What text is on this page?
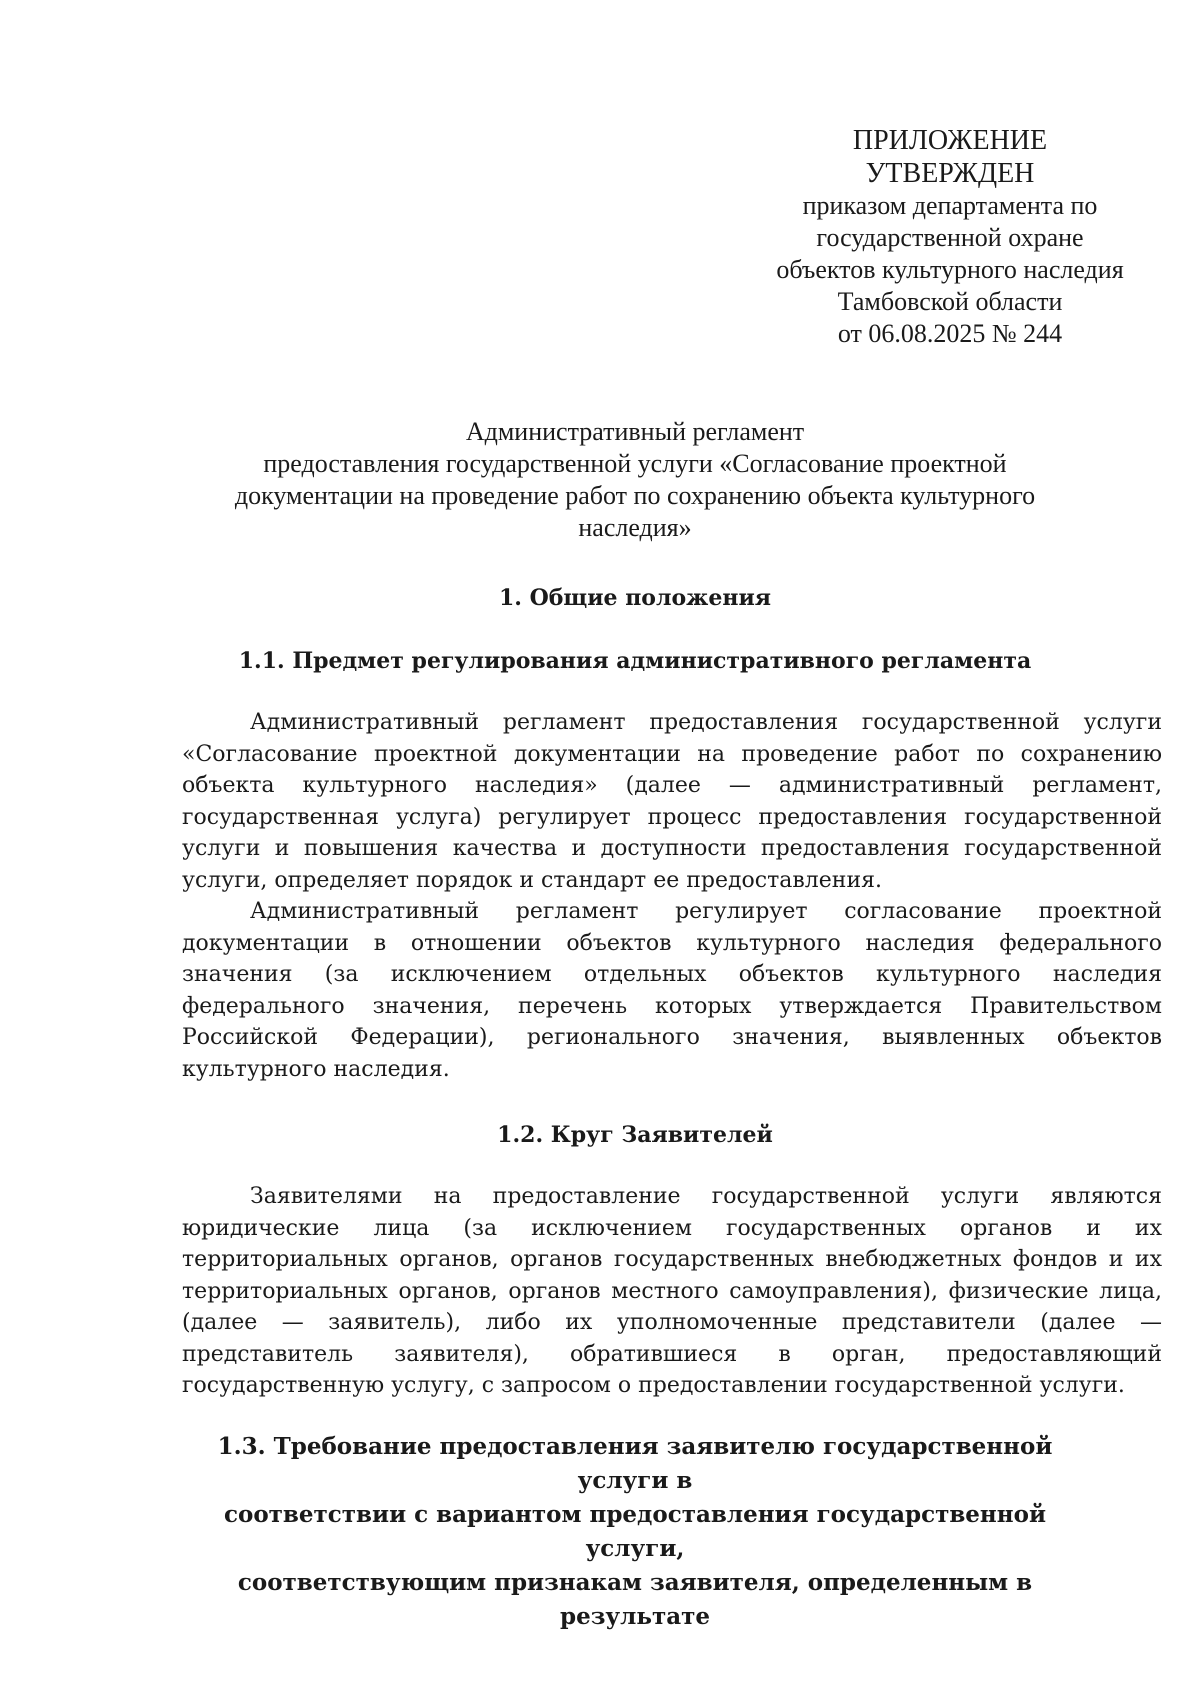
ПРИЛОЖЕНИЕ
УТВЕРЖДЕН
приказом департамента по
государственной охране
объектов культурного наследия
Тамбовской области
от 06.08.2025 № 244
Административный регламент
предоставления государственной услуги «Согласование проектной
документации на проведение работ по сохранению объекта культурного
наследия»
1. Общие положения
1.1. Предмет регулирования административного регламента

Административный регламент предоставления государственной услуги «Согласование проектной документации на проведение работ по сохранению объекта культурного наследия» (далее — административный регламент, государственная услуга) регулирует процесс предоставления государственной услуги и повышения качества и доступности предоставления государственной услуги, определяет порядок и стандарт ее предоставления.

Административный регламент регулирует согласование проектной документации в отношении объектов культурного наследия федерального значения (за исключением отдельных объектов культурного наследия федерального значения, перечень которых утверждается Правительством Российской Федерации), регионального значения, выявленных объектов культурного наследия.

1.2. Круг Заявителей

Заявителями на предоставление государственной услуги являются юридические лица (за исключением государственных органов и их территориальных органов, органов государственных внебюджетных фондов и их территориальных органов, органов местного самоуправления), физические лица, (далее — заявитель), либо их уполномоченные представители (далее — представитель заявителя), обратившиеся в орган, предоставляющий государственную услугу, с запросом о предоставлении государственной услуги.

1.3. Требование предоставления заявителю государственной услуги в
соответствии с вариантом предоставления государственной услуги,
соответствующим признакам заявителя, определенным в результате
